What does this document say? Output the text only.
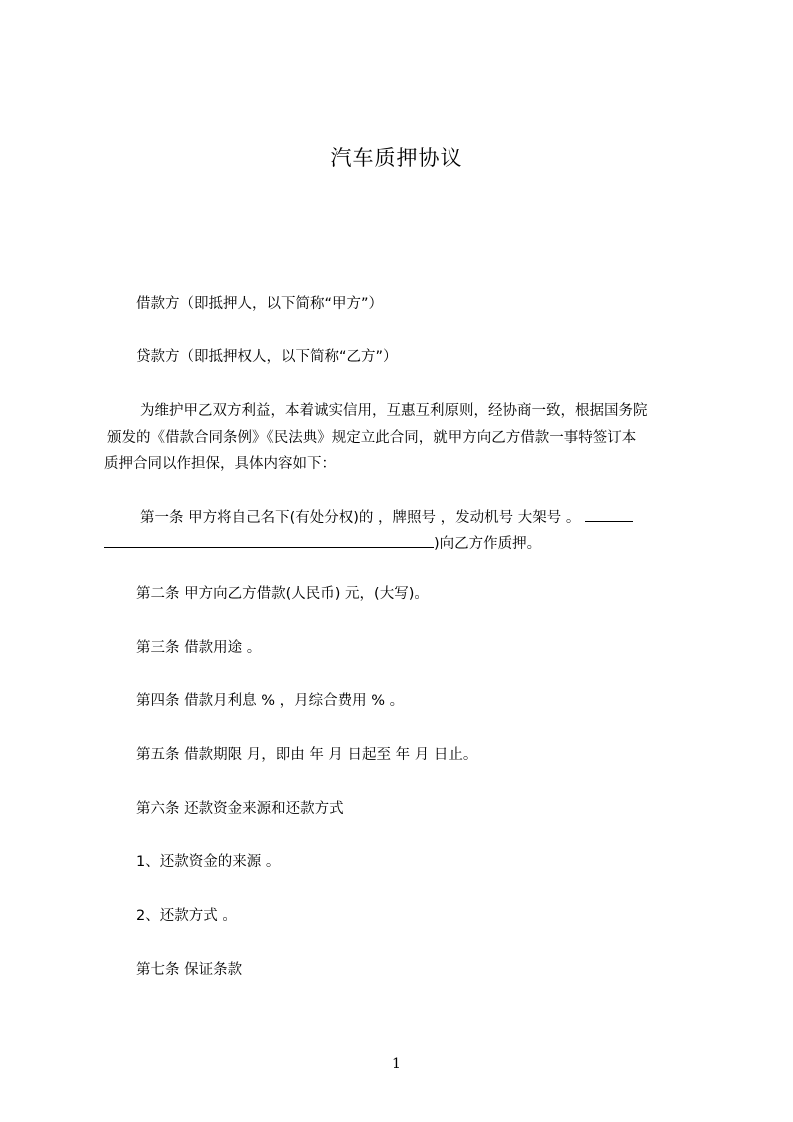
汽车质押协议
借款方（即抵押人，以下简称“甲方”）
贷款方（即抵押权人，以下简称“乙方”）
为维护甲乙双方利益，本着诚实信用，互惠互利原则，经协商一致，根据国务院
颁发的《借款合同条例》《民法典》规定立此合同，就甲方向乙方借款一事特签订本
质押合同以作担保，具体内容如下：
第一条 甲方将自己名下(有处分权)的 ，牌照号 ，发动机号 大架号 。
)向乙方作质押。
第二条 甲方向乙方借款(人民币) 元，(大写)。
第三条 借款用途 。
第四条 借款月利息 % ，月综合费用 % 。
第五条 借款期限 月，即由 年 月 日起至 年 月 日止。
第六条 还款资金来源和还款方式
1、还款资金的来源 。
2、还款方式 。
第七条 保证条款
1
